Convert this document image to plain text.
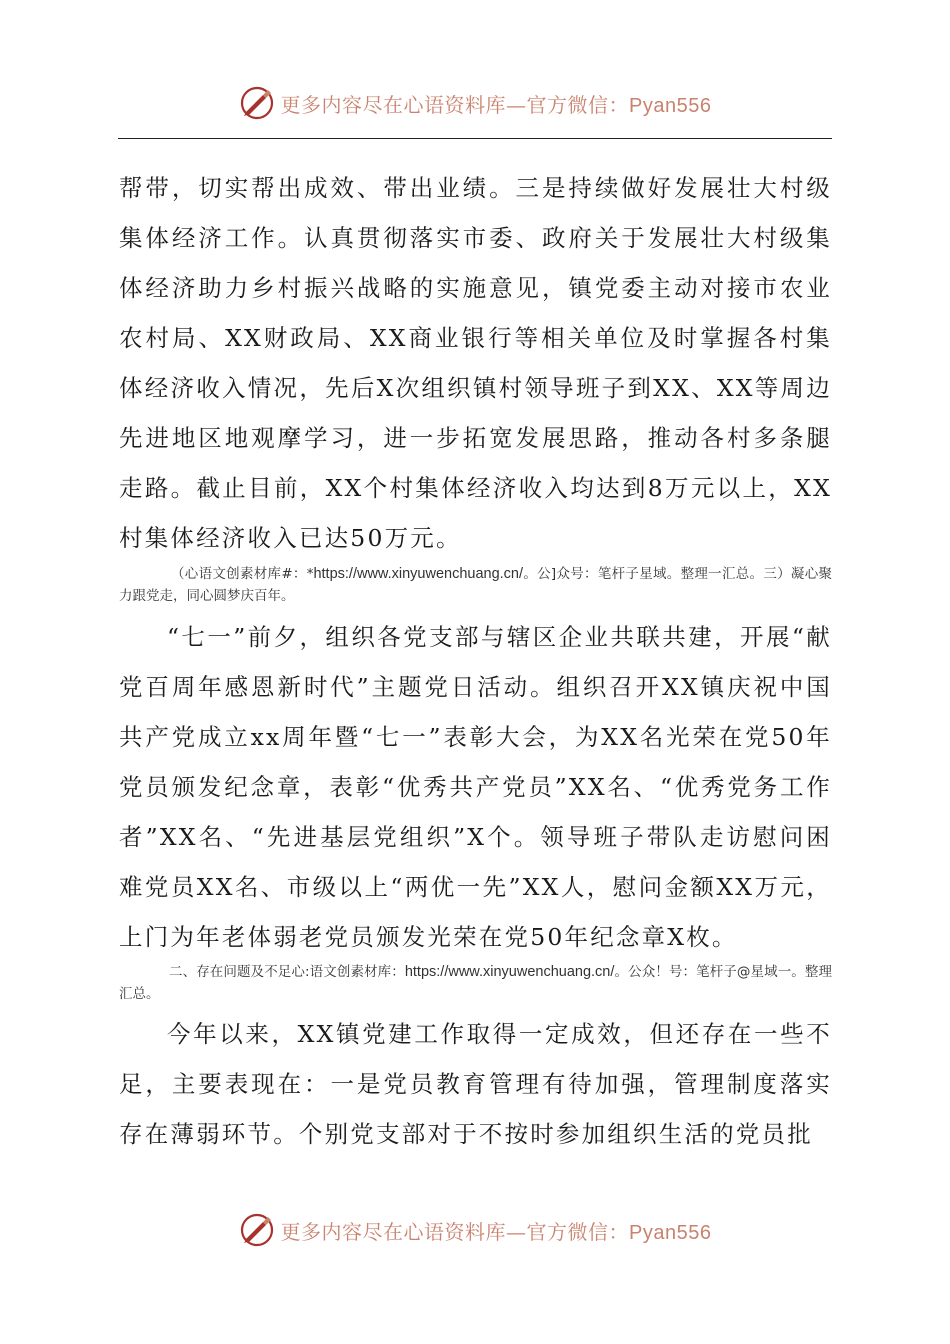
更多内容尽在心语资料库—官方微信：Pyan556

帮带，切实帮出成效、带出业绩。三是持续做好发展壮大村级集体经济工作。认真贯彻落实市委、政府关于发展壮大村级集体经济助力乡村振兴战略的实施意见，镇党委主动对接市农业农村局、XX财政局、XX商业银行等相关单位及时掌握各村集体经济收入情况，先后X次组织镇村领导班子到XX、XX等周边先进地区地观摩学习，进一步拓宽发展思路，推动各村多条腿走路。截止目前，XX个村集体经济收入均达到8万元以上，XX村集体经济收入已达50万元。

（心语文创素材库#：*https://www.xinyuwenchuang.cn/。公]众号：笔杆子星域。整理一汇总。三）凝心聚力跟党走，同心圆梦庆百年。

“七一”前夕，组织各党支部与辖区企业共联共建，开展“献党百周年感恩新时代”主题党日活动。组织召开XX镇庆祝中国共产党成立xx周年暨“七一”表彰大会，为XX名光荣在党50年党员颁发纪念章，表彰“优秀共产党员”XX名、“优秀党务工作者”XX名、“先进基层党组织”X个。领导班子带队走访慰问困难党员XX名、市级以上“两优一先”XX人，慰问金额XX万元，上门为年老体弱老党员颁发光荣在党50年纪念章X枚。

二、存在问题及不足心:语文创素材库：https://www.xinyuwenchuang.cn/。公众！号：笔杆子@星域一。整理汇总。

今年以来，XX镇党建工作取得一定成效，但还存在一些不足，主要表现在：一是党员教育管理有待加强，管理制度落实存在薄弱环节。个别党支部对于不按时参加组织生活的党员批

更多内容尽在心语资料库—官方微信：Pyan556
